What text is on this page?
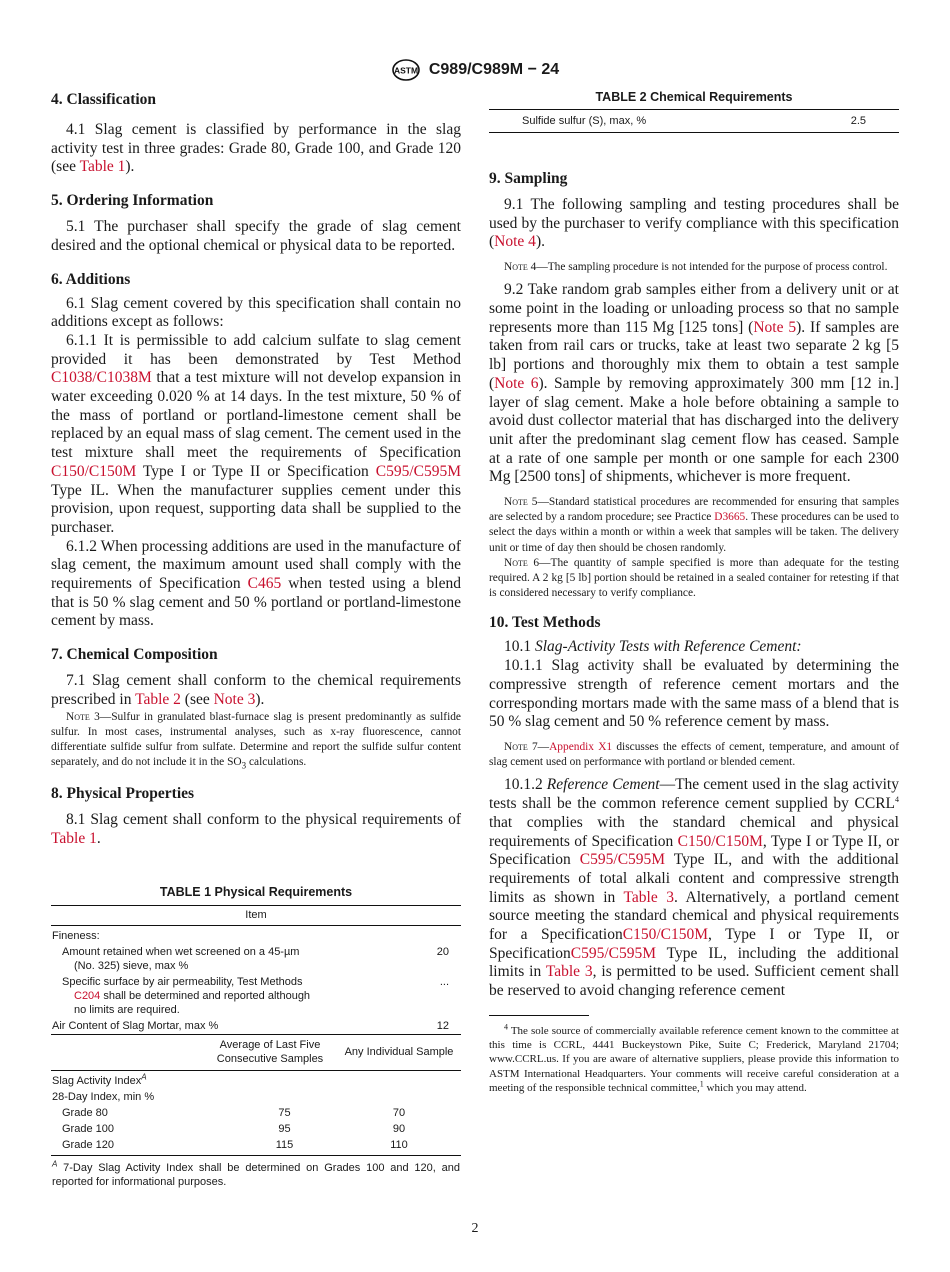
ASTM C989/C989M − 24
4. Classification

4.1 Slag cement is classified by performance in the slag activity test in three grades: Grade 80, Grade 100, and Grade 120 (see Table 1).

5. Ordering Information

5.1 The purchaser shall specify the grade of slag cement desired and the optional chemical or physical data to be reported.

6. Additions

6.1 Slag cement covered by this specification shall contain no additions except as follows:

6.1.1 It is permissible to add calcium sulfate to slag cement provided it has been demonstrated by Test Method C1038/C1038M that a test mixture will not develop expansion in water exceeding 0.020 % at 14 days. In the test mixture, 50 % of the mass of portland or portland-limestone cement shall be replaced by an equal mass of slag cement. The cement used in the test mixture shall meet the requirements of Specification C150/C150M Type I or Type II or Specification C595/C595M Type IL. When the manufacturer supplies cement under this provision, upon request, supporting data shall be supplied to the purchaser.

6.1.2 When processing additions are used in the manufacture of slag cement, the maximum amount used shall comply with the requirements of Specification C465 when tested using a blend that is 50 % slag cement and 50 % portland or portland-limestone cement by mass.

7. Chemical Composition

7.1 Slag cement shall conform to the chemical requirements prescribed in Table 2 (see Note 3).

Note 3—Sulfur in granulated blast-furnace slag is present predominantly as sulfide sulfur. In most cases, instrumental analyses, such as x-ray fluorescence, cannot differentiate sulfide sulfur from sulfate. Determine and report the sulfide sulfur content separately, and do not include it in the $SO_3$ calculations.

8. Physical Properties

8.1 Slag cement shall conform to the physical requirements of Table 1.

TABLE 1 Physical Requirements
Item		
Fineness:		

Amount retained when wet screened on a 45-µm (No. 325) sieve, max %		20

Specific surface by air permeability, Test Methods C204 shall be determined and reported although no limits are required.		...
Air Content of Slag Mortar, max %		12
	Average of Last Five Consecutive Samples	Any Individual Sample
Slag Activity Index$^A$
28-Day Index, min %		
Grade 80	75	70
Grade 100	95	90
Grade 120	115	110
$^A$ 7-Day Slag Activity Index shall be determined on Grades 100 and 120, and reported for informational purposes.		
TABLE 2 Chemical Requirements
Sulfide sulfur (S), max, %	2.5

9. Sampling

9.1 The following sampling and testing procedures shall be used by the purchaser to verify compliance with this specification (Note 4).

Note 4—The sampling procedure is not intended for the purpose of process control.

9.2 Take random grab samples either from a delivery unit or at some point in the loading or unloading process so that no sample represents more than 115 Mg [125 tons] (Note 5). If samples are taken from rail cars or trucks, take at least two separate 2 kg [5 lb] portions and thoroughly mix them to obtain a test sample (Note 6). Sample by removing approximately 300 mm [12 in.] layer of slag cement. Make a hole before obtaining a sample to avoid dust collector material that has discharged into the delivery unit after the predominant slag cement flow has ceased. Sample at a rate of one sample per month or one sample for each 2300 Mg [2500 tons] of shipments, whichever is more frequent.

Note 5—Standard statistical procedures are recommended for ensuring that samples are selected by a random procedure; see Practice D3665. These procedures can be used to select the days within a month or within a week that samples will be taken. The delivery unit or time of day then should be chosen randomly.

Note 6—The quantity of sample specified is more than adequate for the testing required. A 2 kg [5 lb] portion should be retained in a sealed container for retesting if that is considered necessary to verify compliance.

10. Test Methods

10.1 Slag-Activity Tests with Reference Cement:

10.1.1 Slag activity shall be evaluated by determining the compressive strength of reference cement mortars and the corresponding mortars made with the same mass of a blend that is 50 % slag cement and 50 % reference cement by mass.

Note 7—Appendix X1 discusses the effects of cement, temperature, and amount of slag cement used on performance with portland or blended cement.

10.1.2 Reference Cement—The cement used in the slag activity tests shall be the common reference cement supplied by CCRL$^4$ that complies with the standard chemical and physical requirements of Specification C150/C150M, Type I or Type II, or Specification C595/C595M Type IL, and with the additional requirements of total alkali content and compressive strength limits as shown in Table 3. Alternatively, a portland cement source meeting the standard chemical and physical requirements for a SpecificationC150/C150M, Type I or Type II, or SpecificationC595/C595M Type IL, including the additional limits in Table 3, is permitted to be used. Sufficient cement shall be reserved to avoid changing reference cement

$^4$ The sole source of commercially available reference cement known to the committee at this time is CCRL, 4441 Buckeystown Pike, Suite C; Frederick, Maryland 21704; www.CCRL.us. If you are aware of alternative suppliers, please provide this information to ASTM International Headquarters. Your comments will receive careful consideration at a meeting of the responsible technical committee,$^1$ which you may attend.

2
